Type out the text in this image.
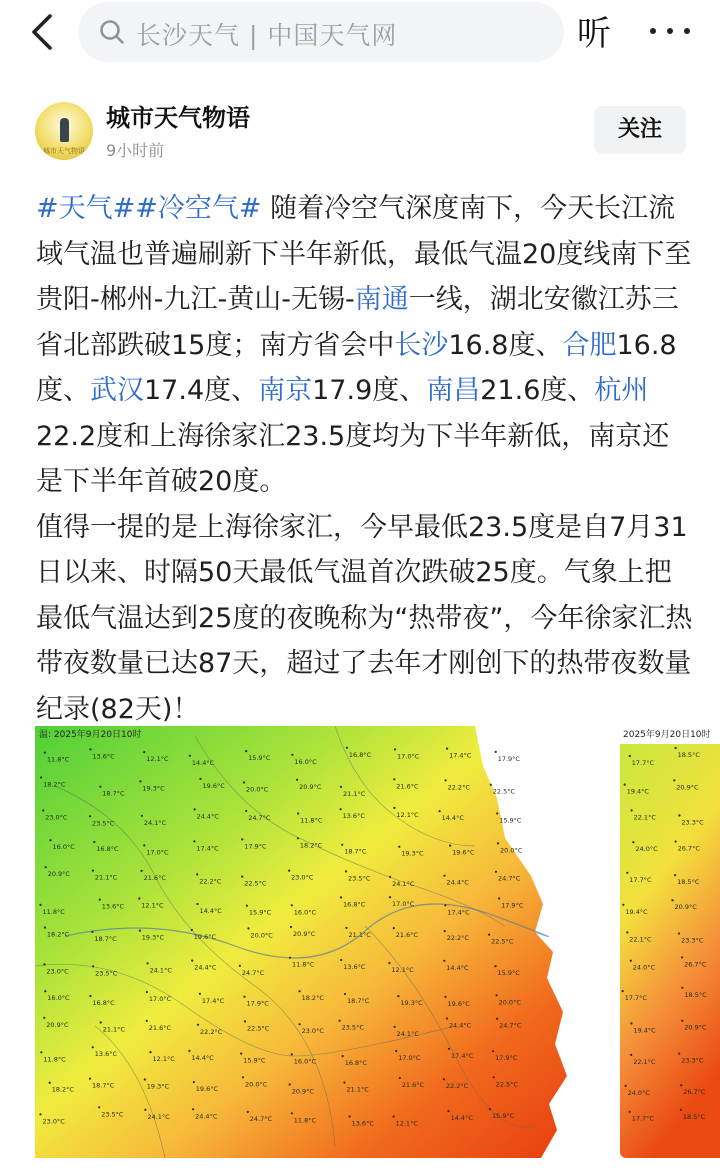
长沙天气 | 中国天气网	听
城市天气物语
城市天气物语
9小时前
关注

#天气##冷空气# 随着冷空气深度南下，今天长江流域气温也普遍刷新下半年新低，最低气温20度线南下至贵阳-郴州-九江-黄山-无锡-南通一线，湖北安徽江苏三省北部跌破15度；南方省会中长沙16.8度、合肥16.8度、武汉17.4度、南京17.9度、南昌21.6度、杭州22.2度和上海徐家汇23.5度均为下半年新低，南京还是下半年首破20度。

值得一提的是上海徐家汇，今早最低23.5度是自7月31日以来、时隔50天最低气温首次跌破25度。气象上把最低气温达到25度的夜晚称为“热带夜”，今年徐家汇热带夜数量已达87天，超过了去年才刚创下的热带夜数量纪录(82天)！

温: 2025年9月20日10时
11.8°C	13.6°C	12.1°C	14.4°C
15.9°C	16.0°C
16.8°C	17.0°C	17.4°C	17.9°C
18.2°C
18.7°C
19.3°C	19.6°C	20.0°C	20.9°C
21.1°C
21.6°C	22.2°C
22.5°C
23.0°C
23.5°C	24.1°C
24.4°C	24.7°C	11.8°C
13.6°C	12.1°C	14.4°C	15.9°C
16.0°C	16.8°C	17.0°C	17.4°C	17.9°C	18.2°C
18.7°C	19.3°C	19.6°C	20.0°C
20.9°C	21.1°C	21.6°C	22.2°C	22.5°C
23.0°C	23.5°C
24.1°C	24.4°C	24.7°C
11.8°C
13.6°C	12.1°C
14.4°C	15.9°C	16.0°C
16.8°C	17.0°C
17.4°C
17.9°C
18.2°C
18.7°C	19.3°C	19.6°C	20.0°C	20.9°C	21.1°C	21.6°C	22.2°C	22.5°C
23.0°C	23.5°C	24.1°C	24.4°C
24.7°C
11.8°C	13.6°C	12.1°C	14.4°C
15.9°C
16.0°C
16.8°C	17.0°C	17.4°C	17.9°C
18.2°C	18.7°C	19.3°C	19.6°C	20.0°C
20.9°C
21.1°C	21.6°C	22.2°C	22.5°C	23.0°C	23.5°C
24.1°C
24.4°C	24.7°C
11.8°C
13.6°C
12.1°C	14.4°C	15.9°C	16.0°C	16.8°C
17.0°C	17.4°C	17.9°C
18.2°C
18.7°C	19.3°C	19.6°C
20.0°C
20.9°C	21.1°C
21.6°C	22.2°C	22.5°C
23.0°C
23.5°C	24.1°C	24.4°C	24.7°C	11.8°C	13.6°C	12.1°C
14.4°C	15.9°C
2025年9月20日10时
17.7°C
18.5°C
19.4°C
20.9°C
22.1°C
23.3°C
24.0°C	26.7°C
17.7°C	18.5°C
19.4°C
20.9°C
22.1°C	23.3°C
24.0°C	26.7°C
17.7°C	18.5°C
19.4°C	20.9°C
22.1°C	23.3°C
24.0°C	26.7°C
17.7°C	18.5°C
